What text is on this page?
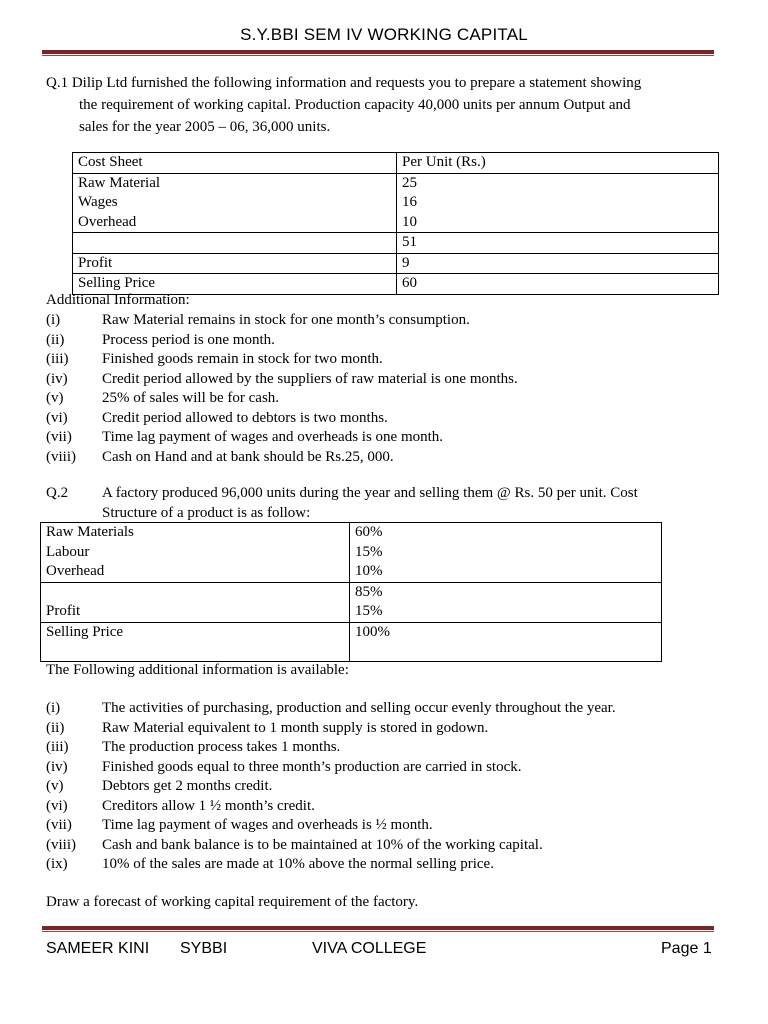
S.Y.BBI SEM IV WORKING CAPITAL
Q.1 Dilip Ltd furnished the following information and requests you to prepare a statement showing
the requirement of working capital. Production capacity 40,000 units per annum Output and
sales for the year 2005 – 06, 36,000 units.
Cost Sheet	Per Unit (Rs.)
Raw Material	25
Wages	16
Overhead	10
	51
Profit	9
Selling Price	60
Additional Information:
(i)	Raw Material remains in stock for one month’s consumption.
(ii)	Process period is one month.
(iii)	Finished goods remain in stock for two month.
(iv)	Credit period allowed by the suppliers of raw material is one months.
(v)	25% of sales will be for cash.
(vi)	Credit period allowed to debtors is two months.
(vii)	Time lag payment of wages and overheads is one month.
(viii)	Cash on Hand and at bank should be Rs.25, 000.
Q.2	A factory produced 96,000 units during the year and selling them @ Rs. 50 per unit. Cost
Structure of a product is as follow:
Raw Materials	60%
Labour	15%
Overhead	10%
	85%
Profit	15%
Selling Price	100%
The Following additional information is available:
(i)	The activities of purchasing, production and selling occur evenly throughout the year.
(ii)	Raw Material equivalent to 1 month supply is stored in godown.
(iii)	The production process takes 1 months.
(iv)	Finished goods equal to three month’s production are carried in stock.
(v)	Debtors get 2 months credit.
(vi)	Creditors allow 1 ½ month’s credit.
(vii)	Time lag payment of wages and overheads is ½ month.
(viii)	Cash and bank balance is to be maintained at 10% of the working capital.
(ix)	10% of the sales are made at 10% above the normal selling price.
Draw a forecast of working capital requirement of the factory.
SAMEER KINI SYBBI	VIVA COLLEGE	Page 1
